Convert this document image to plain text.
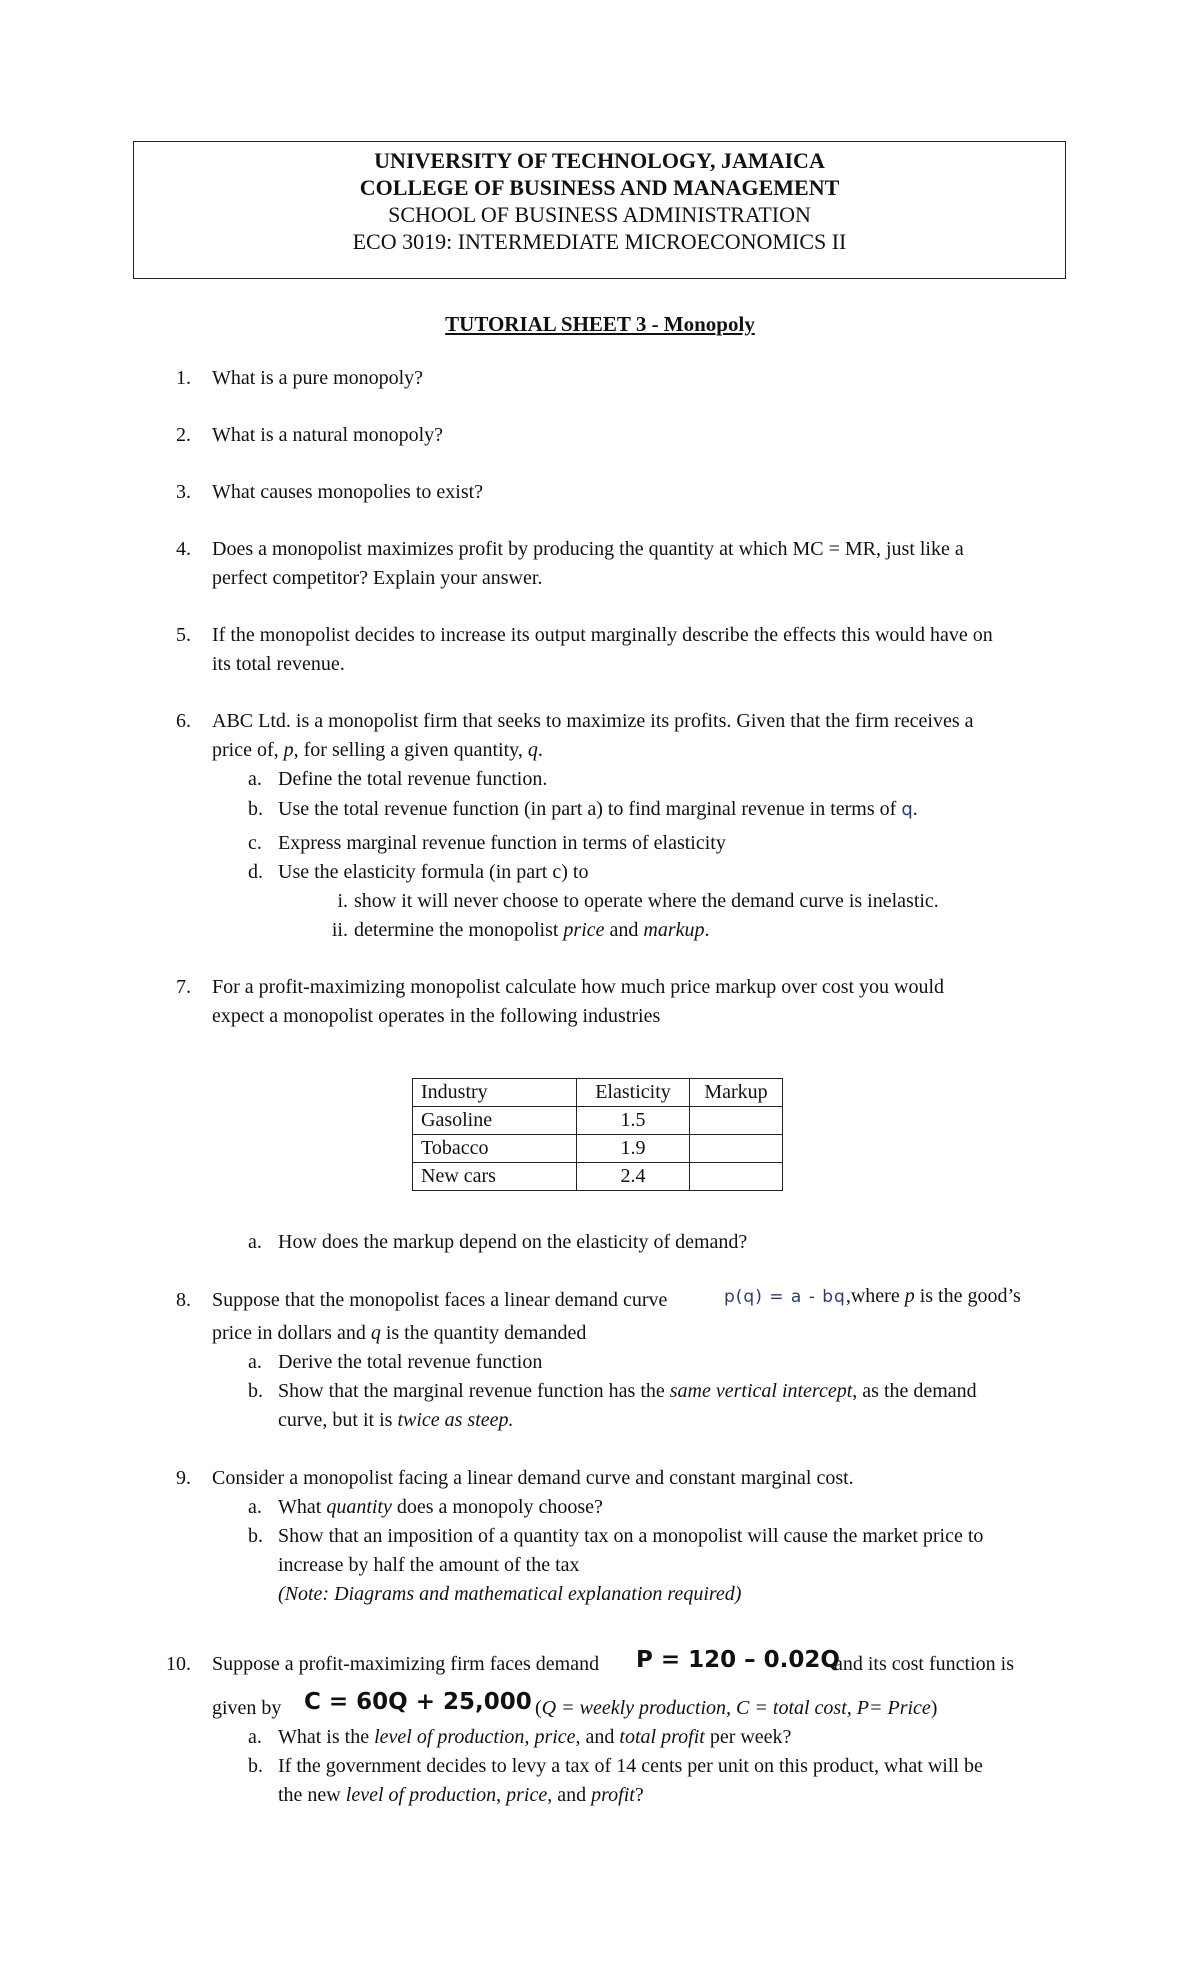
UNIVERSITY OF TECHNOLOGY, JAMAICA
COLLEGE OF BUSINESS AND MANAGEMENT
SCHOOL OF BUSINESS ADMINISTRATION
ECO 3019: INTERMEDIATE MICROECONOMICS II
TUTORIAL SHEET 3 - Monopoly
1. What is a pure monopoly?
2. What is a natural monopoly?
3. What causes monopolies to exist?
4. Does a monopolist maximizes profit by producing the quantity at which MC = MR, just like a
perfect competitor? Explain your answer.
5. If the monopolist decides to increase its output marginally describe the effects this would have on
its total revenue.
6. ABC Ltd. is a monopolist firm that seeks to maximize its profits. Given that the firm receives a
price of, p, for selling a given quantity, q.
a. Define the total revenue function.
b. Use the total revenue function (in part a) to find marginal revenue in terms of q.
c. Express marginal revenue function in terms of elasticity
d. Use the elasticity formula (in part c) to
i. show it will never choose to operate where the demand curve is inelastic.
ii. determine the monopolist price and markup.
7. For a profit-maximizing monopolist calculate how much price markup over cost you would
expect a monopolist operates in the following industries
Industry	Elasticity	Markup
Gasoline	1.5	
Tobacco	1.9	
New cars	2.4	
a. How does the markup depend on the elasticity of demand?
8. Suppose that the monopolist faces a linear demand curve	p(q) = a - bq,where p is the good’s
price in dollars and q is the quantity demanded
a. Derive the total revenue function
b. Show that the marginal revenue function has the same vertical intercept, as the demand
curve, but it is twice as steep.
9. Consider a monopolist facing a linear demand curve and constant marginal cost.
a. What quantity does a monopoly choose?
b. Show that an imposition of a quantity tax on a monopolist will cause the market price to
increase by half the amount of the tax
(Note: Diagrams and mathematical explanation required)
10. Suppose a profit-maximizing firm faces demand P = 120 – 0.02Q
and its cost function is
given by C = 60Q + 25,000 (Q = weekly production, C = total cost, P= Price)
a. What is the level of production, price, and total profit per week?
b. If the government decides to levy a tax of 14 cents per unit on this product, what will be
the new level of production, price, and profit?
